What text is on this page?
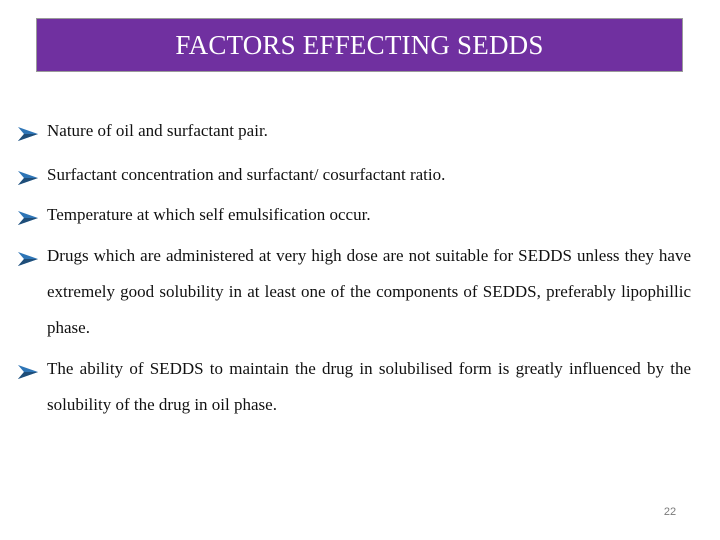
FACTORS EFFECTING SEDDS

Nature of oil and surfactant pair.

Surfactant concentration and surfactant/ cosurfactant ratio.

Temperature at which self emulsification occur.

Drugs which are administered at very high dose are not suitable for SEDDS unless they have extremely good solubility in at least one of the components of SEDDS, preferably lipophillic phase.

The ability of SEDDS to maintain the drug in solubilised form is greatly influenced by the solubility of the drug in oil phase.

22
